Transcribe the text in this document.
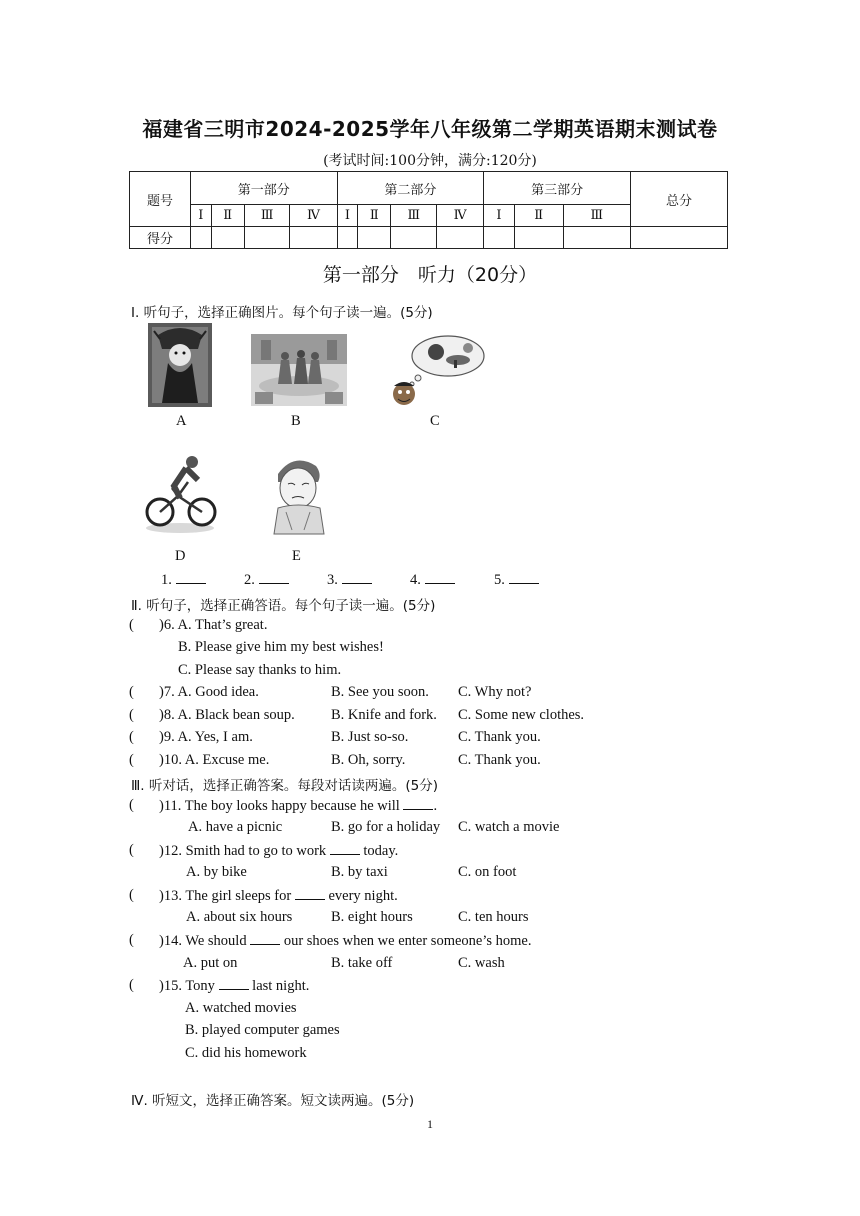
福建省三明市2024-2025学年八年级第二学期英语期末测试卷
(考试时间:100分钟，满分:120分)
题号	第一部分				第二部分				第三部分			总分
	Ⅰ	Ⅱ	Ⅲ	Ⅳ	Ⅰ	Ⅱ	Ⅲ	Ⅳ	Ⅰ	Ⅱ	Ⅲ	
得分												
第一部分　听力（20分）
Ⅰ. 听句子，选择正确图片。每个句子读一遍。(5分)
A	B	C
D	E
1.	2.	3.	4.	5.
Ⅱ. 听句子，选择正确答语。每个句子读一遍。(5分)
( )6. A. That’s great.
B. Please give him my best wishes!
C. Please say thanks to him.
( )7. A. Good idea.	B. See you soon. C. Why not?
( )8. A. Black bean soup.	B. Knife and fork. C. Some new clothes.
( )9. A. Yes, I am.	B. Just so-so.	C. Thank you.
( )10. A. Excuse me.	B. Oh, sorry.	C. Thank you.
Ⅲ. 听对话，选择正确答案。每段对话读两遍。(5分)
( )11. The boy looks happy because he will .
A. have a picnic	B. go for a holiday C. watch a movie
( )12. Smith had to go to work	today.
A. by bike	B. by taxi	C. on foot
( )13. The girl sleeps for	every night.
A. about six hours	B. eight hours	C. ten hours
( )14. We should	our shoes when we enter someone’s home.
A. put on	B. take off	C. wash
( )15. Tony	last night.
A. watched movies
B. played computer games
C. did his homework
Ⅳ. 听短文，选择正确答案。短文读两遍。(5分)
1
